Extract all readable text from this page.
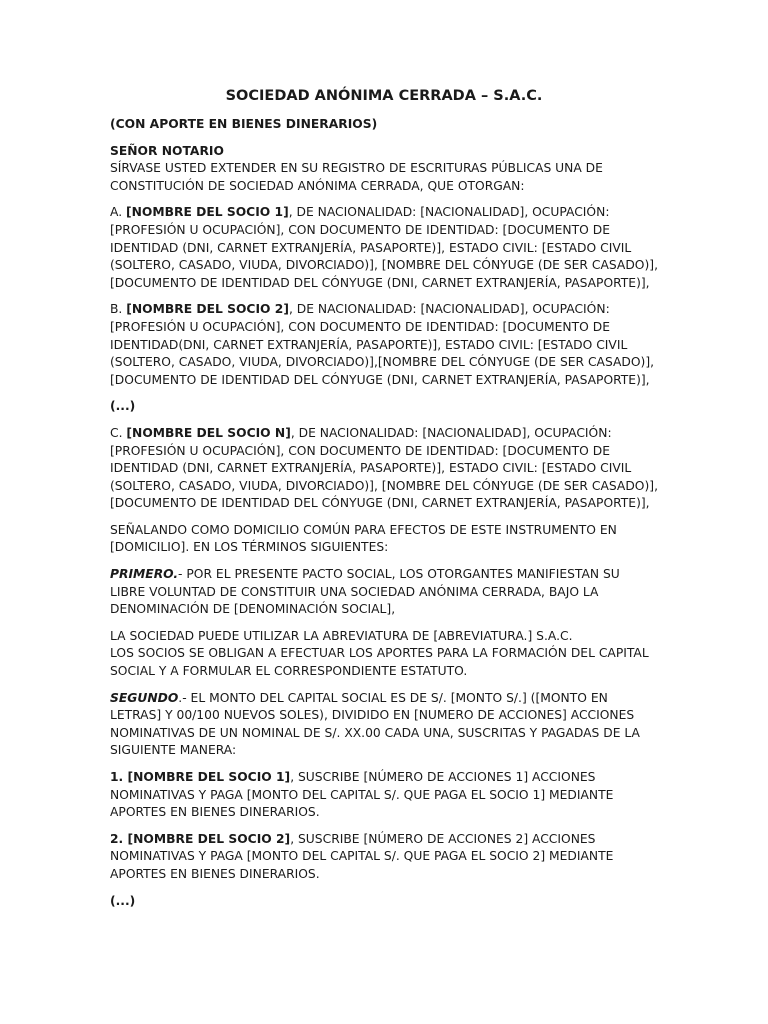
SOCIEDAD ANÓNIMA CERRADA – S.A.C.

(CON APORTE EN BIENES DINERARIOS)

SEÑOR NOTARIO

SÍRVASE USTED EXTENDER EN SU REGISTRO DE ESCRITURAS PÚBLICAS UNA DE CONSTITUCIÓN DE SOCIEDAD ANÓNIMA CERRADA, QUE OTORGAN:

A. [NOMBRE DEL SOCIO 1], DE NACIONALIDAD: [NACIONALIDAD], OCUPACIÓN: [PROFESIÓN U OCUPACIÓN], CON DOCUMENTO DE IDENTIDAD: [DOCUMENTO DE IDENTIDAD (DNI, CARNET EXTRANJERÍA, PASAPORTE)], ESTADO CIVIL: [ESTADO CIVIL (SOLTERO, CASADO, VIUDA, DIVORCIADO)], [NOMBRE DEL CÓNYUGE (DE SER CASADO)], [DOCUMENTO DE IDENTIDAD DEL CÓNYUGE (DNI, CARNET EXTRANJERÍA, PASAPORTE)],

B. [NOMBRE DEL SOCIO 2], DE NACIONALIDAD: [NACIONALIDAD], OCUPACIÓN: [PROFESIÓN U OCUPACIÓN], CON DOCUMENTO DE IDENTIDAD: [DOCUMENTO DE IDENTIDAD(DNI, CARNET EXTRANJERÍA, PASAPORTE)], ESTADO CIVIL: [ESTADO CIVIL (SOLTERO, CASADO, VIUDA, DIVORCIADO)],[NOMBRE DEL CÓNYUGE (DE SER CASADO)], [DOCUMENTO DE IDENTIDAD DEL CÓNYUGE (DNI, CARNET EXTRANJERÍA, PASAPORTE)],

(...)

C. [NOMBRE DEL SOCIO N], DE NACIONALIDAD: [NACIONALIDAD], OCUPACIÓN: [PROFESIÓN U OCUPACIÓN], CON DOCUMENTO DE IDENTIDAD: [DOCUMENTO DE IDENTIDAD (DNI, CARNET EXTRANJERÍA, PASAPORTE)], ESTADO CIVIL: [ESTADO CIVIL (SOLTERO, CASADO, VIUDA, DIVORCIADO)], [NOMBRE DEL CÓNYUGE (DE SER CASADO)], [DOCUMENTO DE IDENTIDAD DEL CÓNYUGE (DNI, CARNET EXTRANJERÍA, PASAPORTE)],

SEÑALANDO COMO DOMICILIO COMÚN PARA EFECTOS DE ESTE INSTRUMENTO EN [DOMICILIO]. EN LOS TÉRMINOS SIGUIENTES:

PRIMERO.- POR EL PRESENTE PACTO SOCIAL, LOS OTORGANTES MANIFIESTAN SU LIBRE VOLUNTAD DE CONSTITUIR UNA SOCIEDAD ANÓNIMA CERRADA, BAJO LA DENOMINACIÓN DE [DENOMINACIÓN SOCIAL],

LA SOCIEDAD PUEDE UTILIZAR LA ABREVIATURA DE [ABREVIATURA.] S.A.C.

LOS SOCIOS SE OBLIGAN A EFECTUAR LOS APORTES PARA LA FORMACIÓN DEL CAPITAL SOCIAL Y A FORMULAR EL CORRESPONDIENTE ESTATUTO.

SEGUNDO.- EL MONTO DEL CAPITAL SOCIAL ES DE S/. [MONTO S/.] ([MONTO EN LETRAS] Y 00/100 NUEVOS SOLES), DIVIDIDO EN [NUMERO DE ACCIONES] ACCIONES NOMINATIVAS DE UN NOMINAL DE S/. XX.00 CADA UNA, SUSCRITAS Y PAGADAS DE LA SIGUIENTE MANERA:

1. [NOMBRE DEL SOCIO 1], SUSCRIBE [NÚMERO DE ACCIONES 1] ACCIONES NOMINATIVAS Y PAGA [MONTO DEL CAPITAL S/. QUE PAGA EL SOCIO 1] MEDIANTE APORTES EN BIENES DINERARIOS.

2. [NOMBRE DEL SOCIO 2], SUSCRIBE [NÚMERO DE ACCIONES 2] ACCIONES NOMINATIVAS Y PAGA [MONTO DEL CAPITAL S/. QUE PAGA EL SOCIO 2] MEDIANTE APORTES EN BIENES DINERARIOS.

(...)
